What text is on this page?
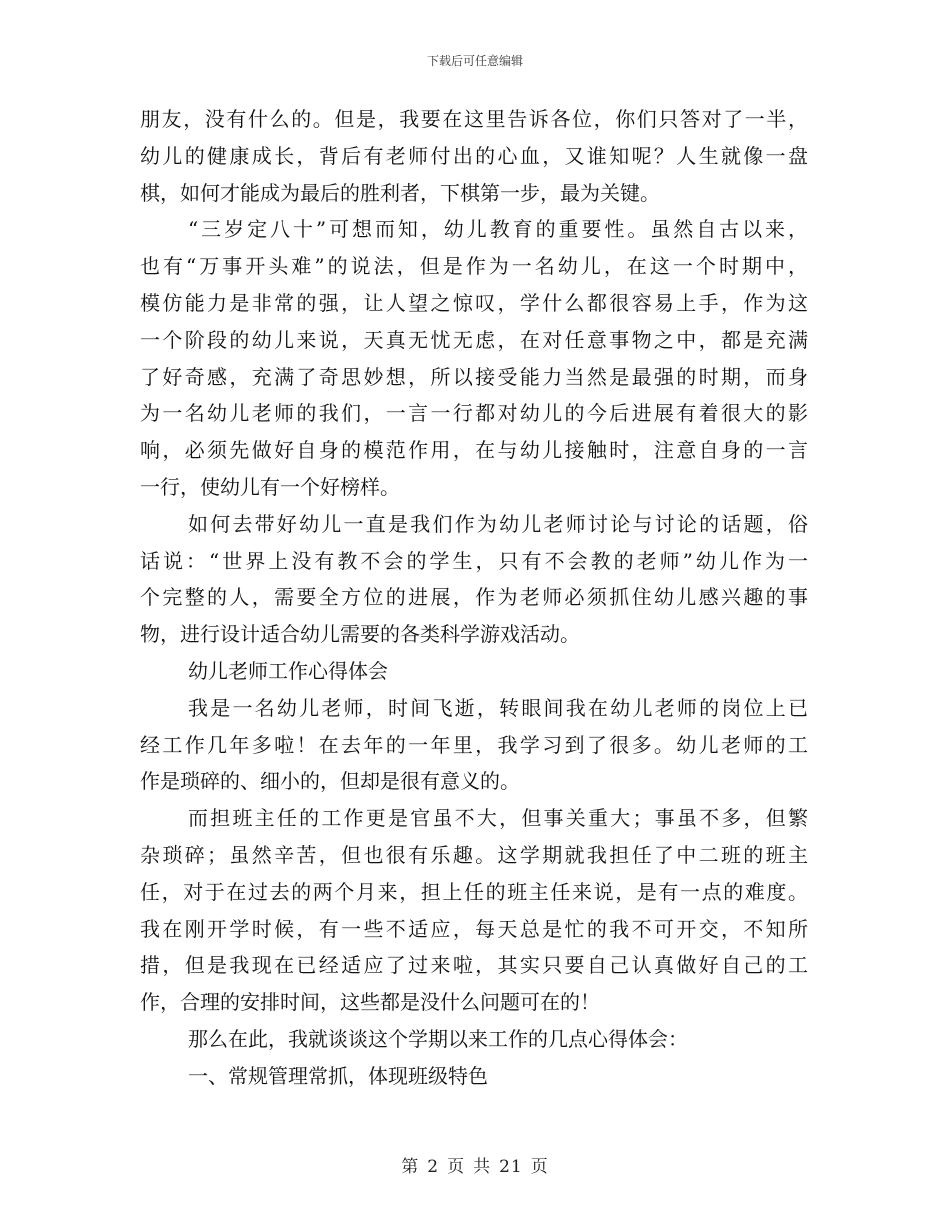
下载后可任意编辑
朋友，没有什么的。但是，我要在这里告诉各位，你们只答对了一半，
幼儿的健康成长，背后有老师付出的心血，又谁知呢？人生就像一盘
棋，如何才能成为最后的胜利者，下棋第一步，最为关键。
“三岁定八十”可想而知，幼儿教育的重要性。虽然自古以来，
也有“万事开头难”的说法，但是作为一名幼儿，在这一个时期中，
模仿能力是非常的强，让人望之惊叹，学什么都很容易上手，作为这
一个阶段的幼儿来说，天真无忧无虑，在对任意事物之中，都是充满
了好奇感，充满了奇思妙想，所以接受能力当然是最强的时期，而身
为一名幼儿老师的我们，一言一行都对幼儿的今后进展有着很大的影
响，必须先做好自身的模范作用，在与幼儿接触时，注意自身的一言
一行，使幼儿有一个好榜样。
如何去带好幼儿一直是我们作为幼儿老师讨论与讨论的话题，俗
话说：“世界上没有教不会的学生，只有不会教的老师”幼儿作为一
个完整的人，需要全方位的进展，作为老师必须抓住幼儿感兴趣的事
物，进行设计适合幼儿需要的各类科学游戏活动。
幼儿老师工作心得体会
我是一名幼儿老师，时间飞逝，转眼间我在幼儿老师的岗位上已
经工作几年多啦！在去年的一年里，我学习到了很多。幼儿老师的工
作是琐碎的、细小的，但却是很有意义的。
而担班主任的工作更是官虽不大，但事关重大；事虽不多，但繁
杂琐碎；虽然辛苦，但也很有乐趣。这学期就我担任了中二班的班主
任，对于在过去的两个月来，担上任的班主任来说，是有一点的难度。
我在刚开学时候，有一些不适应，每天总是忙的我不可开交，不知所
措，但是我现在已经适应了过来啦，其实只要自己认真做好自己的工
作，合理的安排时间，这些都是没什么问题可在的！
那么在此，我就谈谈这个学期以来工作的几点心得体会：
一、常规管理常抓，体现班级特色
第 2 页 共 21 页
